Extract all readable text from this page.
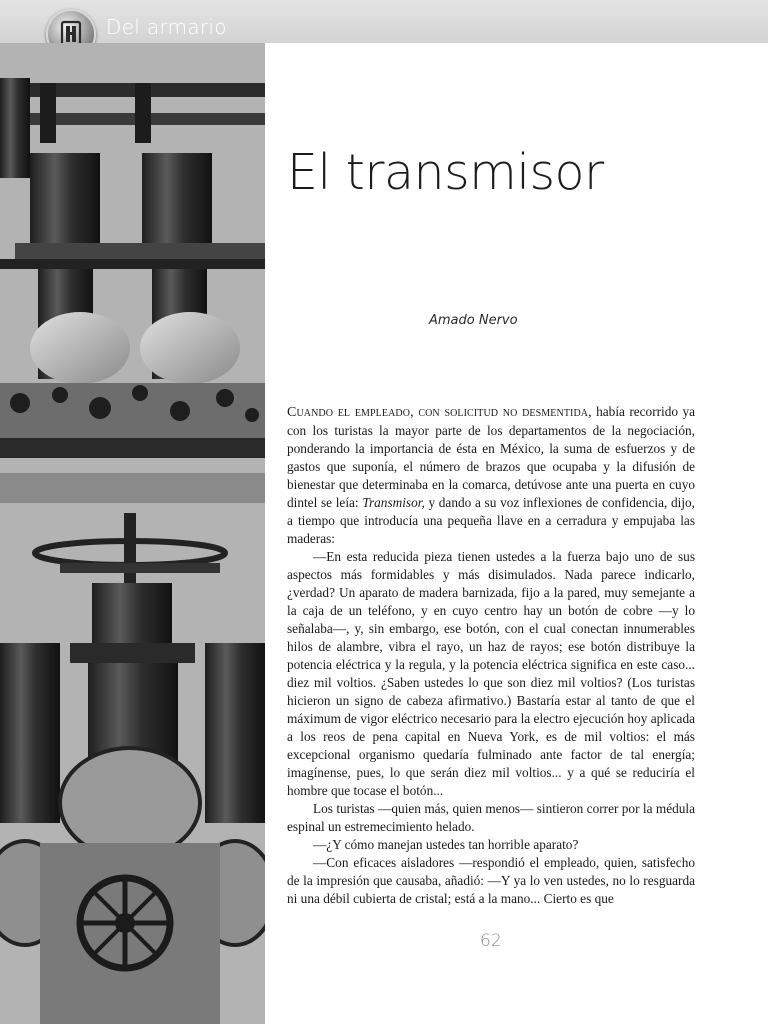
Del armario
El transmisor
Amado Nervo

Cuando el empleado, con solicitud no desmentida, había recorrido ya con los turistas la mayor parte de los departamentos de la negociación, ponderando la importancia de ésta en México, la suma de esfuerzos y de gastos que suponía, el número de brazos que ocupaba y la difusión de bienestar que determinaba en la comarca, detúvose ante una puerta en cuyo dintel se leía: Transmisor, y dando a su voz inflexiones de confidencia, dijo, a tiempo que introducía una pequeña llave en a cerradura y empujaba las maderas:

—En esta reducida pieza tienen ustedes a la fuerza bajo uno de sus aspectos más formidables y más disimulados. Nada parece indicarlo, ¿verdad? Un aparato de madera barnizada, fijo a la pared, muy semejante a la caja de un teléfono, y en cuyo centro hay un botón de cobre —y lo señalaba—, y, sin embargo, ese botón, con el cual conectan innumerables hilos de alambre, vibra el rayo, un haz de rayos; ese botón distribuye la potencia eléctrica y la regula, y la potencia eléctrica significa en este caso... diez mil voltios. ¿Saben ustedes lo que son diez mil voltios? (Los turistas hicieron un signo de cabeza afirmativo.) Bastaría estar al tanto de que el máximum de vigor eléctrico necesario para la electro ejecución hoy aplicada a los reos de pena capital en Nueva York, es de mil voltios: el más excepcional organismo quedaría fulminado ante factor de tal energía; imagínense, pues, lo que serán diez mil voltios... y a qué se reduciría el hombre que tocase el botón...

Los turistas —quien más, quien menos— sintieron correr por la médula espinal un estremecimiento helado.

—¿Y cómo manejan ustedes tan horrible aparato?

—Con eficaces aisladores —respondió el empleado, quien, satisfecho de la impresión que causaba, añadió: —Y ya lo ven ustedes, no lo resguarda ni una débil cubierta de cristal; está a la mano... Cierto es que

62
